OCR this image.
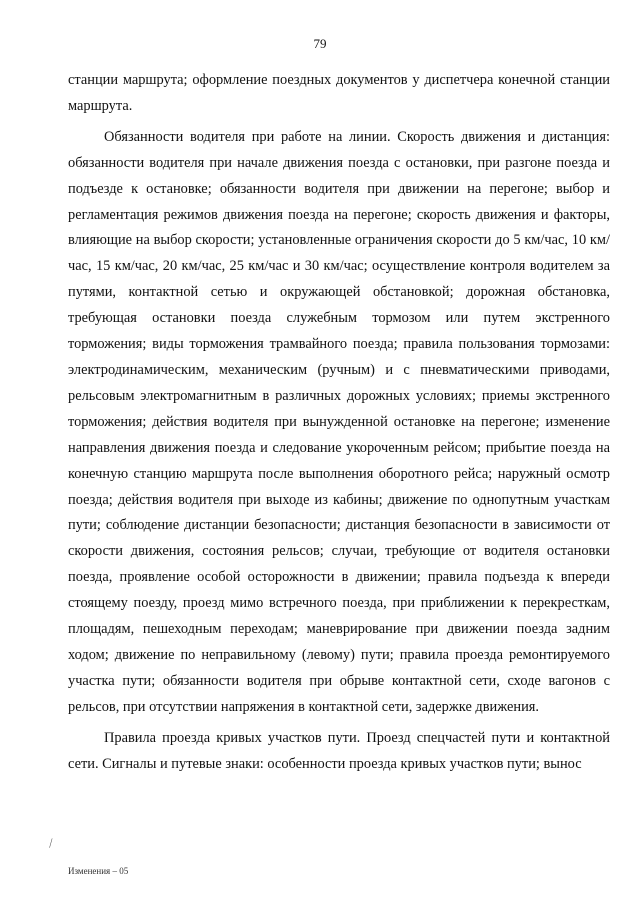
79

станции маршрута; оформление поездных документов у диспетчера конечной станции маршрута.

Обязанности водителя при работе на линии. Скорость движения и дистанция: обязанности водителя при начале движения поезда с остановки, при разгоне поезда и подъезде к остановке; обязанности водителя при движении на перегоне; выбор и регламентация режимов движения поезда на перегоне; скорость движения и факторы, влияющие на выбор скорости; установленные ограничения скорости до 5 км/час, 10 км/час, 15 км/час, 20 км/час, 25 км/час и 30 км/час; осуществление контроля водителем за путями, контактной сетью и окружающей обстановкой; дорожная обстановка, требующая остановки поезда служебным тормозом или путем экстренного торможения; виды торможения трамвайного поезда; правила пользования тормозами: электродинамическим, механическим (ручным) и с пневматическими приводами, рельсовым электромагнитным в различных дорожных условиях; приемы экстренного торможения; действия водителя при вынужденной остановке на перегоне; изменение направления движения поезда и следование укороченным рейсом; прибытие поезда на конечную станцию маршрута после выполнения оборотного рейса; наружный осмотр поезда; действия водителя при выходе из кабины; движение по однопутным участкам пути; соблюдение дистанции безопасности; дистанция безопасности в зависимости от скорости движения, состояния рельсов; случаи, требующие от водителя остановки поезда, проявление особой осторожности в движении; правила подъезда к впереди стоящему поезду, проезд мимо встречного поезда, при приближении к перекресткам, площадям, пешеходным переходам; маневрирование при движении поезда задним ходом; движение по неправильному (левому) пути; правила проезда ремонтируемого участка пути; обязанности водителя при обрыве контактной сети, сходе вагонов с рельсов, при отсутствии напряжения в контактной сети, задержке движения.

Правила проезда кривых участков пути. Проезд спецчастей пути и контактной сети. Сигналы и путевые знаки: особенности проезда кривых участков пути; вынос

⁄
Изменения – 05
